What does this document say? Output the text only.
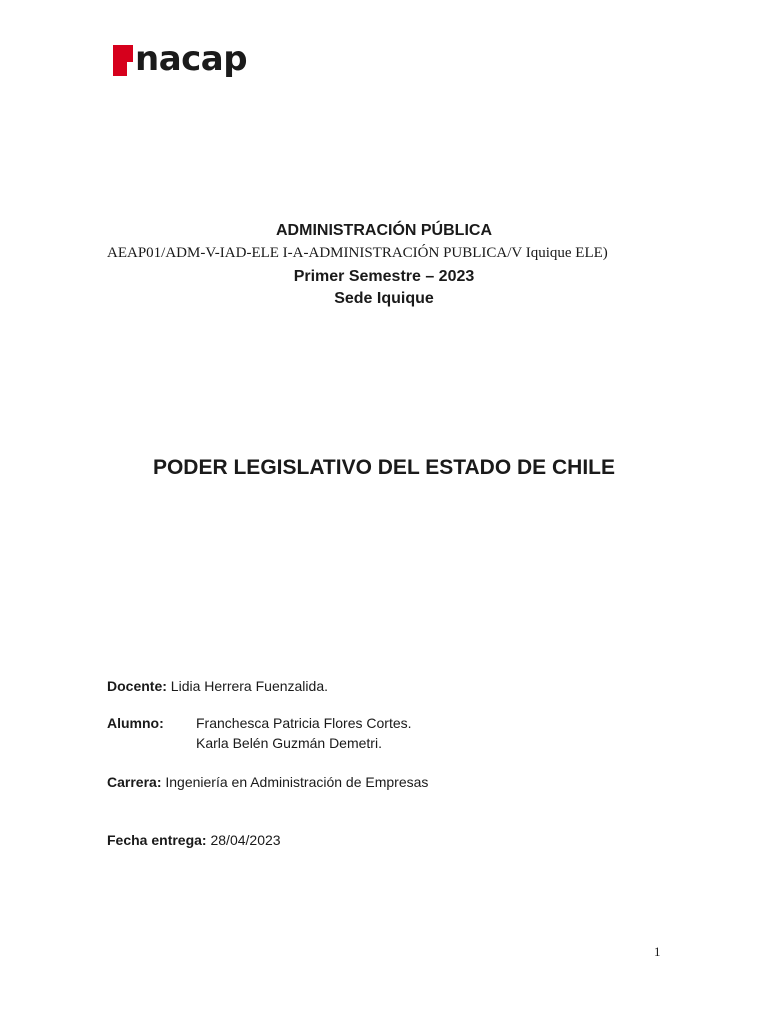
nacap
ADMINISTRACIÓN PÚBLICA
AEAP01/ADM-V-IAD-ELE I-A-ADMINISTRACIÓN PUBLICA/V Iquique ELE)
Primer Semestre – 2023
Sede Iquique
PODER LEGISLATIVO DEL ESTADO DE CHILE
Docente: Lidia Herrera Fuenzalida.
Alumno: Franchesca Patricia Flores Cortes.
Karla Belén Guzmán Demetri.
Carrera: Ingeniería en Administración de Empresas
Fecha entrega: 28/04/2023
1
